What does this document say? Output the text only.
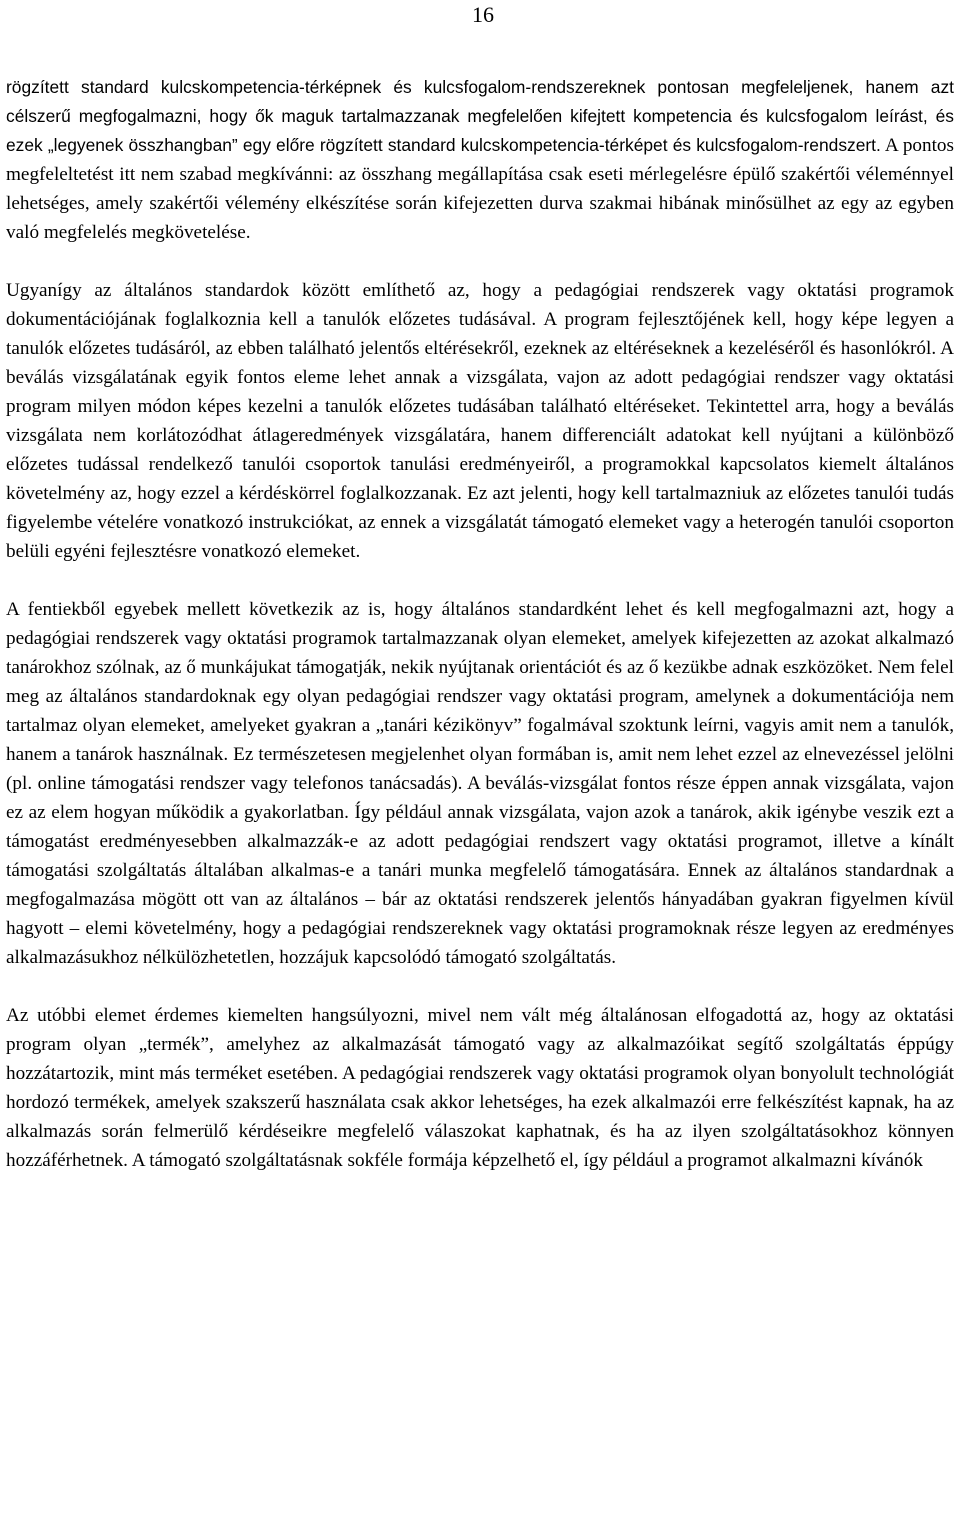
16

rögzített standard kulcskompetencia-térképnek és kulcsfogalom-rendszereknek pontosan megfeleljenek, hanem azt célszerű megfogalmazni, hogy ők maguk tartalmazzanak megfelelően kifejtett kompetencia és kulcsfogalom leírást, és ezek „legyenek összhangban” egy előre rögzített standard kulcskompetencia-térképet és kulcsfogalom-rendszert. A pontos megfeleltetést itt nem szabad megkívánni: az összhang megállapítása csak eseti mérlegelésre épülő szakértői véleménnyel lehetséges, amely szakértői vélemény elkészítése során kifejezetten durva szakmai hibának minősülhet az egy az egyben való megfelelés megkövetelése.

Ugyanígy az általános standardok között említhető az, hogy a pedagógiai rendszerek vagy oktatási programok dokumentációjának foglalkoznia kell a tanulók előzetes tudásával. A program fejlesztőjének kell, hogy képe legyen a tanulók előzetes tudásáról, az ebben található jelentős eltérésekről, ezeknek az eltéréseknek a kezeléséről és hasonlókról. A beválás vizsgálatának egyik fontos eleme lehet annak a vizsgálata, vajon az adott pedagógiai rendszer vagy oktatási program milyen módon képes kezelni a tanulók előzetes tudásában található eltéréseket. Tekintettel arra, hogy a beválás vizsgálata nem korlátozódhat átlageredmények vizsgálatára, hanem differenciált adatokat kell nyújtani a különböző előzetes tudással rendelkező tanulói csoportok tanulási eredményeiről, a programokkal kapcsolatos kiemelt általános követelmény az, hogy ezzel a kérdéskörrel foglalkozzanak. Ez azt jelenti, hogy kell tartalmazniuk az előzetes tanulói tudás figyelembe vételére vonatkozó instrukciókat, az ennek a vizsgálatát támogató elemeket vagy a heterogén tanulói csoporton belüli egyéni fejlesztésre vonatkozó elemeket.

A fentiekből egyebek mellett következik az is, hogy általános standardként lehet és kell megfogalmazni azt, hogy a pedagógiai rendszerek vagy oktatási programok tartalmazzanak olyan elemeket, amelyek kifejezetten az azokat alkalmazó tanárokhoz szólnak, az ő munkájukat támogatják, nekik nyújtanak orientációt és az ő kezükbe adnak eszközöket. Nem felel meg az általános standardoknak egy olyan pedagógiai rendszer vagy oktatási program, amelynek a dokumentációja nem tartalmaz olyan elemeket, amelyeket gyakran a „tanári kézikönyv” fogalmával szoktunk leírni, vagyis amit nem a tanulók, hanem a tanárok használnak. Ez természetesen megjelenhet olyan formában is, amit nem lehet ezzel az elnevezéssel jelölni (pl. online támogatási rendszer vagy telefonos tanácsadás). A beválás-vizsgálat fontos része éppen annak vizsgálata, vajon ez az elem hogyan működik a gyakorlatban. Így például annak vizsgálata, vajon azok a tanárok, akik igénybe veszik ezt a támogatást eredményesebben alkalmazzák-e az adott pedagógiai rendszert vagy oktatási programot, illetve a kínált támogatási szolgáltatás általában alkalmas-e a tanári munka megfelelő támogatására. Ennek az általános standardnak a megfogalmazása mögött ott van az általános – bár az oktatási rendszerek jelentős hányadában gyakran figyelmen kívül hagyott – elemi követelmény, hogy a pedagógiai rendszereknek vagy oktatási programoknak része legyen az eredményes alkalmazásukhoz nélkülözhetetlen, hozzájuk kapcsolódó támogató szolgáltatás.

Az utóbbi elemet érdemes kiemelten hangsúlyozni, mivel nem vált még általánosan elfogadottá az, hogy az oktatási program olyan „termék”, amelyhez az alkalmazását támogató vagy az alkalmazóikat segítő szolgáltatás éppúgy hozzátartozik, mint más terméket esetében. A pedagógiai rendszerek vagy oktatási programok olyan bonyolult technológiát hordozó termékek, amelyek szakszerű használata csak akkor lehetséges, ha ezek alkalmazói erre felkészítést kapnak, ha az alkalmazás során felmerülő kérdéseikre megfelelő válaszokat kaphatnak, és ha az ilyen szolgáltatásokhoz könnyen hozzáférhetnek. A támogató szolgáltatásnak sokféle formája képzelhető el, így például a programot alkalmazni kívánók
